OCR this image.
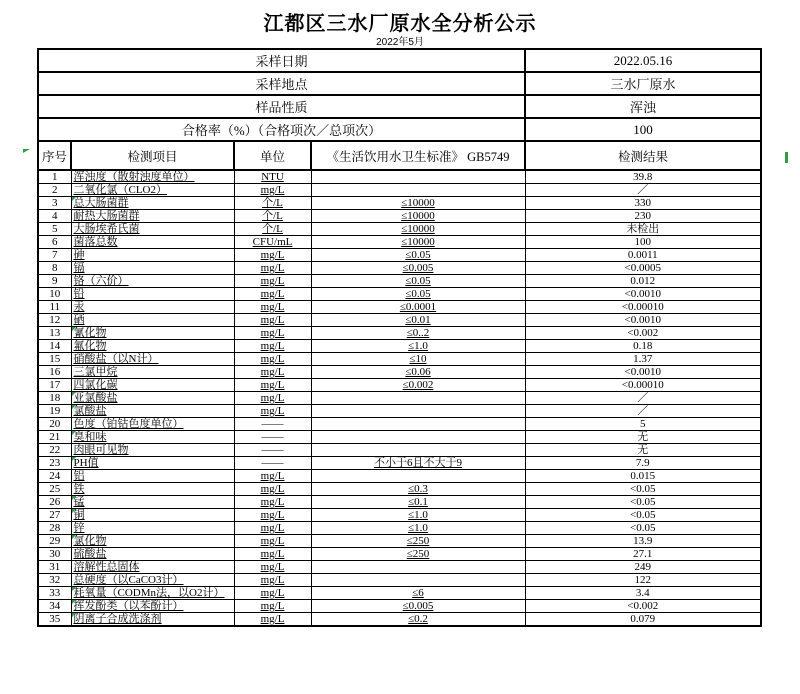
江都区三水厂原水全分析公示
2022年5月
采样日期				2022.05.16
采样地点				三水厂原水
样品性质				浑浊
合格率（%）（合格项次／总项次）				100
序号	检测项目	单位	《生活饮用水卫生标准》 GB5749	检测结果
1	浑浊度（散射浊度单位）	NTU		39.8
2	二氧化氯（CLO2）	mg/L		／
3	总大肠菌群	个/L	≤10000	330
4	耐热大肠菌群	个/L	≤10000	230
5	大肠埃希氏菌	个/L	≤10000	未检出
6	菌落总数	CFU/mL	≤10000	100
7	砷	mg/L	≤0.05	0.0011
8	镉	mg/L	≤0.005	<0.0005
9	铬（六价）	mg/L	≤0.05	0.012
10	铅	mg/L	≤0.05	<0.0010
11	汞	mg/L	≤0.0001	<0.00010
12	硒	mg/L	≤0.01	<0.0010
13	氰化物	mg/L	≤0..2	<0.002
14	氟化物	mg/L	≤1.0	0.18
15	硝酸盐（以N计）	mg/L	≤10	1.37
16	三氯甲烷	mg/L	≤0.06	<0.0010
17	四氯化碳	mg/L	≤0.002	<0.00010
18	亚氯酸盐	mg/L		／
19	氯酸盐	mg/L		／
20	色度（铂钴色度单位）	——		5
21	臭和味	——		无
22	肉眼可见物	——		无
23	PH值	——	不小于6且不大于9	7.9
24	铝	mg/L		0.015
25	铁	mg/L	≤0.3	<0.05
26	锰	mg/L	≤0.1	<0.05
27	铜	mg/L	≤1.0	<0.05
28	锌	mg/L	≤1.0	<0.05
29	氯化物	mg/L	≤250	13.9
30	硫酸盐	mg/L	≤250	27.1
31	溶解性总固体	mg/L		249
32	总硬度（以CaCO3计）	mg/L		122
33	耗氧量（CODMn法，以O2计）	mg/L	≤6	3.4
34	挥发酚类（以苯酚计）	mg/L	≤0.005	<0.002
35	阴离子合成洗涤剂	mg/L	≤0.2	0.079
